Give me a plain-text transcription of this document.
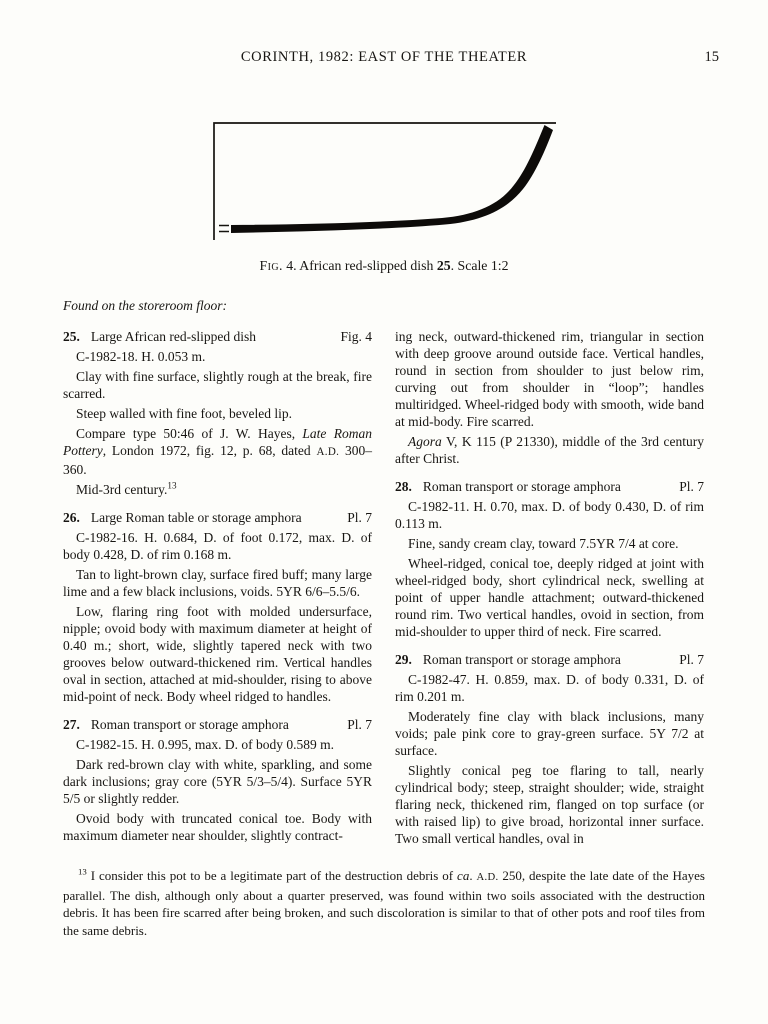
CORINTH, 1982: EAST OF THE THEATER	15
Fig. 4. African red-slipped dish 25. Scale 1:2

Found on the storeroom floor:

25. Large African red-slipped dish	Fig. 4

C-1982-18. H. 0.053 m.

Clay with fine surface, slightly rough at the break, fire scarred.

Steep walled with fine foot, beveled lip.

Compare type 50:46 of J. W. Hayes, Late Roman Pottery, London 1972, fig. 12, p. 68, dated A.D. 300–360.

Mid-3rd century.$^{13}$

26. Large Roman table or storage amphora	Pl. 7

C-1982-16. H. 0.684, D. of foot 0.172, max. D. of body 0.428, D. of rim 0.168 m.

Tan to light-brown clay, surface fired buff; many large lime and a few black inclusions, voids. 5YR 6/6–5.5/6.

Low, flaring ring foot with molded undersurface, nipple; ovoid body with maximum diameter at height of 0.40 m.; short, wide, slightly tapered neck with two grooves below outward-thickened rim. Vertical handles oval in section, attached at mid-shoulder, rising to above mid-point of neck. Body wheel ridged to handles.

27. Roman transport or storage amphora	Pl. 7

C-1982-15. H. 0.995, max. D. of body 0.589 m.

Dark red-brown clay with white, sparkling, and some dark inclusions; gray core (5YR 5/3–5/4). Surface 5YR 5/5 or slightly redder.

Ovoid body with truncated conical toe. Body with maximum diameter near shoulder, slightly contract-

ing neck, outward-thickened rim, triangular in section with deep groove around outside face. Vertical handles, round in section from shoulder to just below rim, curving out from shoulder in “loop”; handles multiridged. Wheel-ridged body with smooth, wide band at mid-body. Fire scarred.

Agora V, K 115 (P 21330), middle of the 3rd century after Christ.

28. Roman transport or storage amphora	Pl. 7

C-1982-11. H. 0.70, max. D. of body 0.430, D. of rim 0.113 m.

Fine, sandy cream clay, toward 7.5YR 7/4 at core.

Wheel-ridged, conical toe, deeply ridged at joint with wheel-ridged body, short cylindrical neck, swelling at point of upper handle attachment; outward-thickened round rim. Two vertical handles, ovoid in section, from mid-shoulder to upper third of neck. Fire scarred.

29. Roman transport or storage amphora	Pl. 7

C-1982-47. H. 0.859, max. D. of body 0.331, D. of rim 0.201 m.

Moderately fine clay with black inclusions, many voids; pale pink core to gray-green surface. 5Y 7/2 at surface.

Slightly conical peg toe flaring to tall, nearly cylindrical body; steep, straight shoulder; wide, straight flaring neck, thickened rim, flanged on top surface (or with raised lip) to give broad, horizontal inner surface. Two small vertical handles, oval in

$^{13}$ I consider this pot to be a legitimate part of the destruction debris of ca. A.D. 250, despite the late date of the Hayes parallel. The dish, although only about a quarter preserved, was found within two soils associated with the destruction debris. It has been fire scarred after being broken, and such discoloration is similar to that of other pots and roof tiles from the same debris.
